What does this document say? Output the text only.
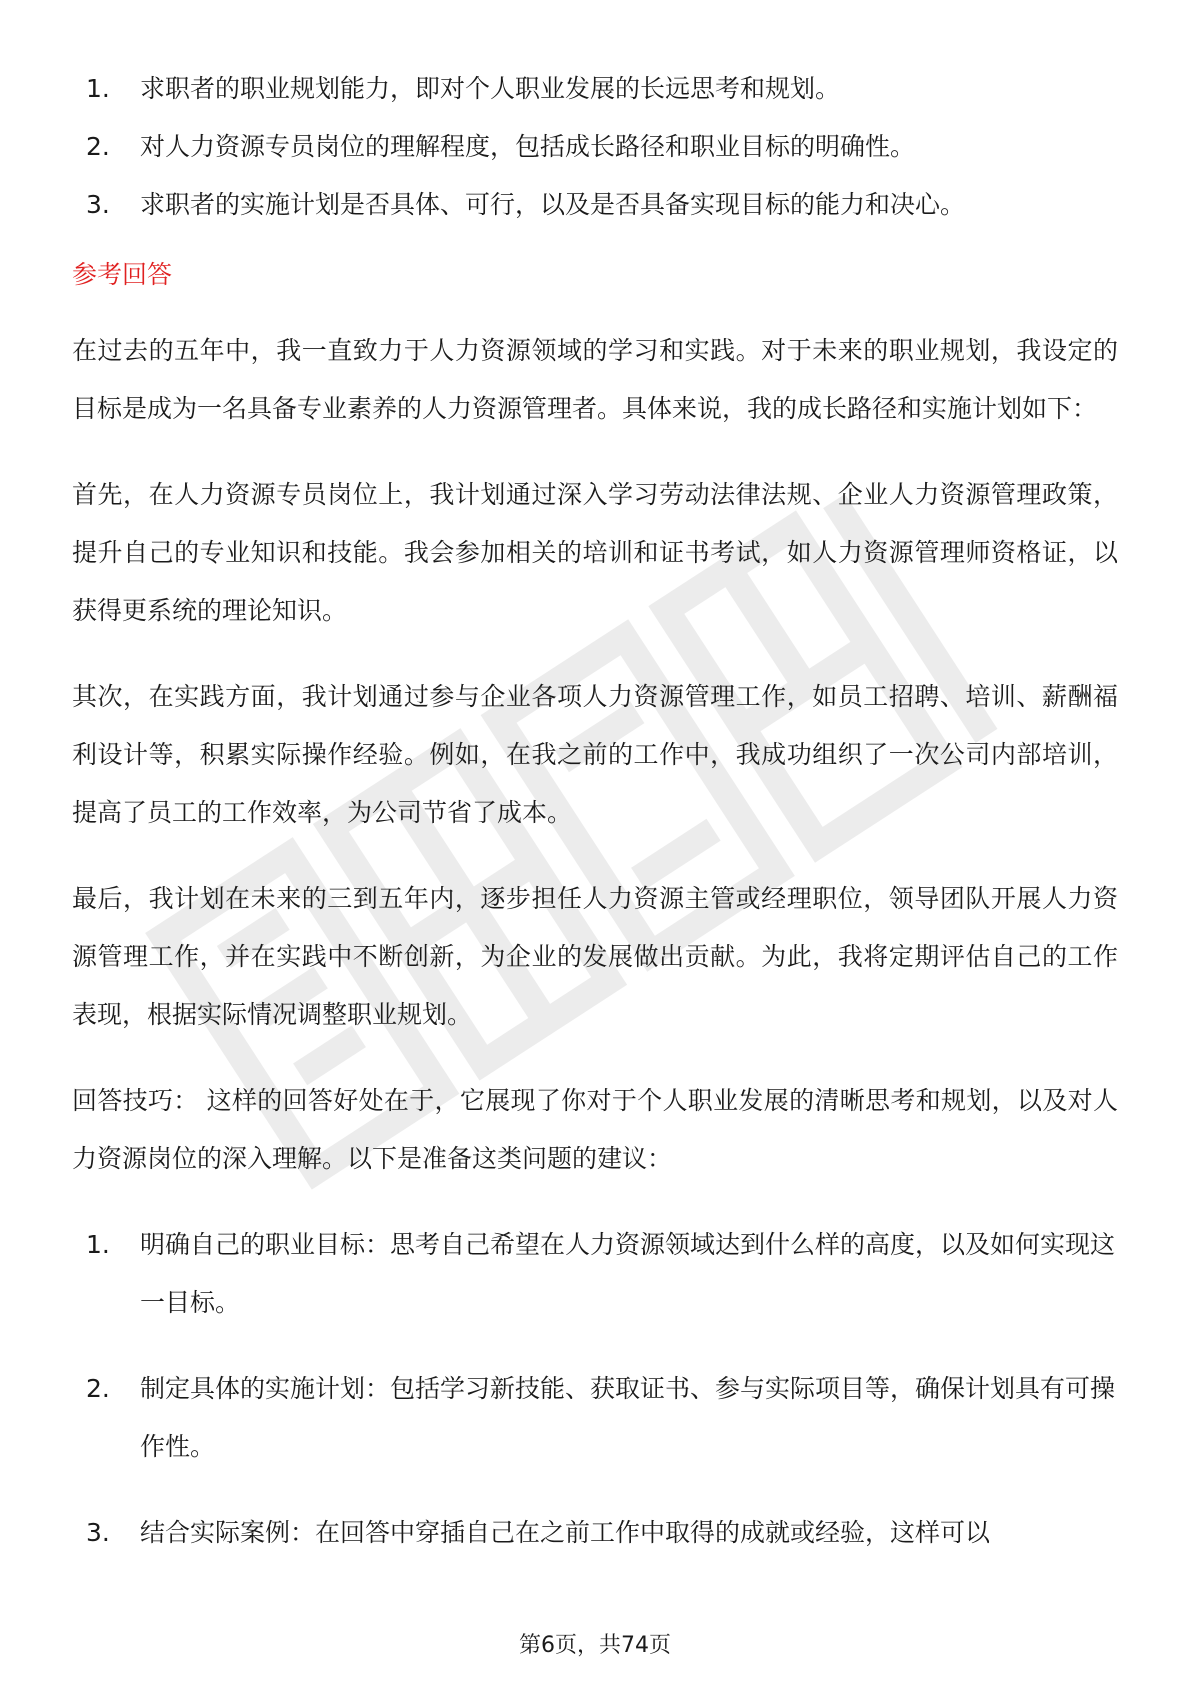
1.	求职者的职业规划能力，即对个人职业发展的长远思考和规划。
2.	对人力资源专员岗位的理解程度，包括成长路径和职业目标的明确性。
3.	求职者的实施计划是否具体、可行，以及是否具备实现目标的能力和决心。
参考回答

在过去的五年中，我一直致力于人力资源领域的学习和实践。对于未来的职业规划，我设定的目标是成为一名具备专业素养的人力资源管理者。具体来说，我的成长路径和实施计划如下：

首先，在人力资源专员岗位上，我计划通过深入学习劳动法律法规、企业人力资源管理政策，提升自己的专业知识和技能。我会参加相关的培训和证书考试，如人力资源管理师资格证，以获得更系统的理论知识。

其次，在实践方面，我计划通过参与企业各项人力资源管理工作，如员工招聘、培训、薪酬福利设计等，积累实际操作经验。例如，在我之前的工作中，我成功组织了一次公司内部培训，提高了员工的工作效率，为公司节省了成本。

最后，我计划在未来的三到五年内，逐步担任人力资源主管或经理职位，领导团队开展人力资源管理工作，并在实践中不断创新，为企业的发展做出贡献。为此，我将定期评估自己的工作表现，根据实际情况调整职业规划。

回答技巧： 这样的回答好处在于，它展现了你对于个人职业发展的清晰思考和规划，以及对人力资源岗位的深入理解。以下是准备这类问题的建议：

1.	明确自己的职业目标：思考自己希望在人力资源领域达到什么样的高度，以及如何实现这一目标。
2.	制定具体的实施计划：包括学习新技能、获取证书、参与实际项目等，确保计划具有可操作性。
3.	结合实际案例：在回答中穿插自己在之前工作中取得的成就或经验，这样可以
第6页，共74页
